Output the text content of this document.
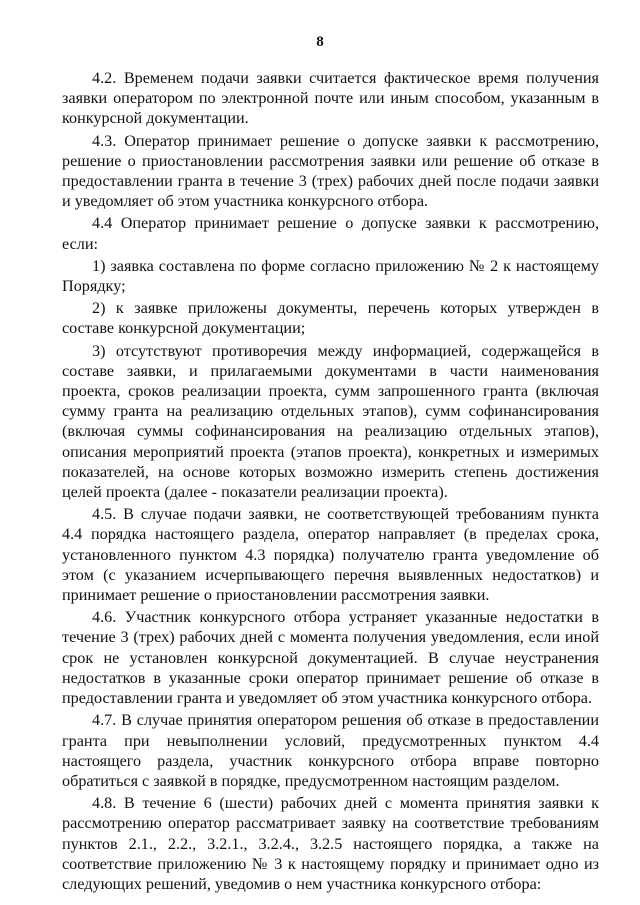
8

4.2. Временем подачи заявки считается фактическое время получения заявки оператором по электронной почте или иным способом, указанным в конкурсной документации.

4.3. Оператор принимает решение о допуске заявки к рассмотрению, решение о приостановлении рассмотрения заявки или решение об отказе в предоставлении гранта в течение 3 (трех) рабочих дней после подачи заявки и уведомляет об этом участника конкурсного отбора.

4.4 Оператор принимает решение о допуске заявки к рассмотрению, если:

1) заявка составлена по форме согласно приложению № 2 к настоящему Порядку;

2) к заявке приложены документы, перечень которых утвержден в составе конкурсной документации;

3) отсутствуют противоречия между информацией, содержащейся в составе заявки, и прилагаемыми документами в части наименования проекта, сроков реализации проекта, сумм запрошенного гранта (включая сумму гранта на реализацию отдельных этапов), сумм софинансирования (включая суммы софинансирования на реализацию отдельных этапов), описания мероприятий проекта (этапов проекта), конкретных и измеримых показателей, на основе которых возможно измерить степень достижения целей проекта (далее - показатели реализации проекта).

4.5. В случае подачи заявки, не соответствующей требованиям пункта 4.4 порядка настоящего раздела, оператор направляет (в пределах срока, установленного пунктом 4.3 порядка) получателю гранта уведомление об этом (с указанием исчерпывающего перечня выявленных недостатков) и принимает решение о приостановлении рассмотрения заявки.

4.6. Участник конкурсного отбора устраняет указанные недостатки в течение 3 (трех) рабочих дней с момента получения уведомления, если иной срок не установлен конкурсной документацией. В случае неустранения недостатков в указанные сроки оператор принимает решение об отказе в предоставлении гранта и уведомляет об этом участника конкурсного отбора.

4.7. В случае принятия оператором решения об отказе в предоставлении гранта при невыполнении условий, предусмотренных пунктом 4.4 настоящего раздела, участник конкурсного отбора вправе повторно обратиться с заявкой в порядке, предусмотренном настоящим разделом.

4.8. В течение 6 (шести) рабочих дней с момента принятия заявки к рассмотрению оператор рассматривает заявку на соответствие требованиям пунктов 2.1., 2.2., 3.2.1., 3.2.4., 3.2.5 настоящего порядка, а также на соответствие приложению № 3 к настоящему порядку и принимает одно из следующих решений, уведомив о нем участника конкурсного отбора:
